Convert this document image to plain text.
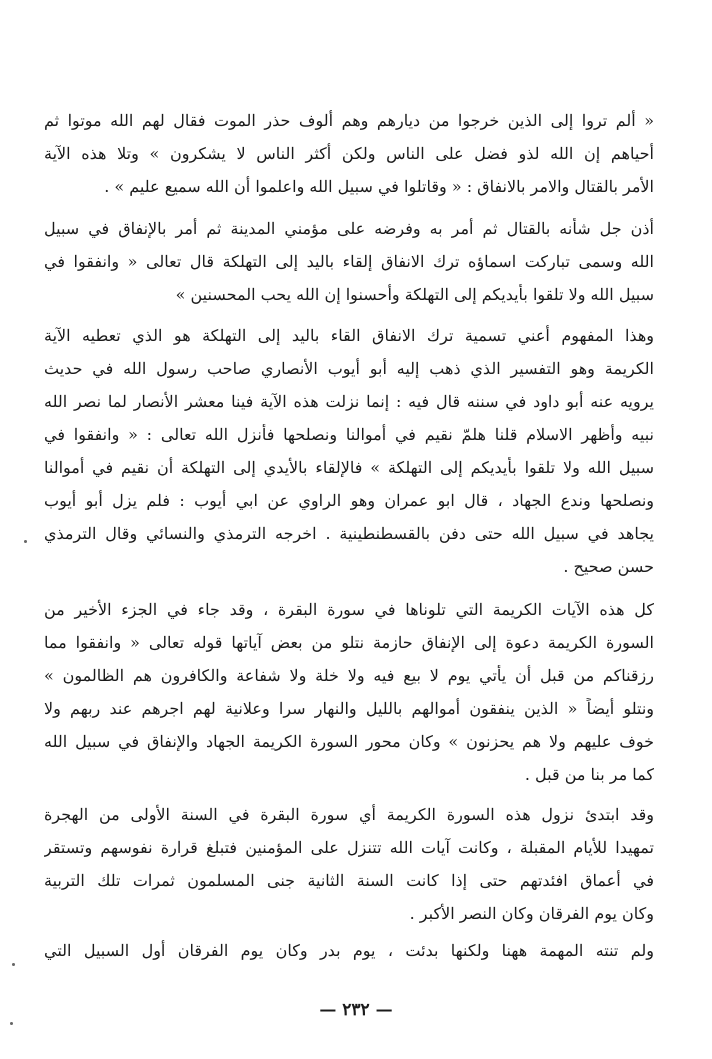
« ألم تروا إلى الذين خرجوا من ديارهم وهم ألوف حذر الموت فقال لهم الله موتوا ثم
أحياهم إن الله لذو فضل على الناس ولكن أكثر الناس لا يشكرون » وتلا هذه الآية
الأمر بالقتال والامر بالانفاق : « وقاتلوا في سبيل الله واعلموا أن الله سميع عليم » .
أذن جل شأنه بالقتال ثم أمر به وفرضه على مؤمني المدينة ثم أمر بالإنفاق في سبيل
الله وسمى تباركت اسماؤه ترك الانفاق إلقاء باليد إلى التهلكة قال تعالى « وانفقوا في
سبيل الله ولا تلقوا بأيديكم إلى التهلكة وأحسنوا إن الله يحب المحسنين »
وهذا المفهوم أعني تسمية ترك الانفاق القاء باليد إلى التهلكة هو الذي تعطيه الآية
الكريمة وهو التفسير الذي ذهب إليه أبو أيوب الأنصاري صاحب رسول الله في حديث
يرويه عنه أبو داود في سننه قال فيه : إنما نزلت هذه الآية فينا معشر الأنصار لما نصر الله
نبيه وأظهر الاسلام قلنا هلمّ نقيم في أموالنا ونصلحها فأنزل الله تعالى : « وانفقوا في
سبيل الله ولا تلقوا بأيديكم إلى التهلكة » فالإلقاء بالأيدي إلى التهلكة أن نقيم في أموالنا
ونصلحها وندع الجهاد ، قال ابو عمران وهو الراوي عن ابي أيوب : فلم يزل أبو أيوب
يجاهد في سبيل الله حتى دفن بالقسطنطينية . اخرجه الترمذي والنسائي وقال الترمذي
حسن صحيح .
كل هذه الآيات الكريمة التي تلوناها في سورة البقرة ، وقد جاء في الجزء الأخير من
السورة الكريمة دعوة إلى الإنفاق حازمة نتلو من بعض آياتها قوله تعالى « وانفقوا مما
رزقناكم من قبل أن يأتي يوم لا بيع فيه ولا خلة ولا شفاعة والكافرون هم الظالمون »
ونتلو أيضاً « الذين ينفقون أموالهم بالليل والنهار سرا وعلانية لهم اجرهم عند ربهم ولا
خوف عليهم ولا هم يحزنون » وكان محور السورة الكريمة الجهاد والإنفاق في سبيل الله
كما مر بنا من قبل .
وقد ابتدئ نزول هذه السورة الكريمة أي سورة البقرة في السنة الأولى من الهجرة
تمهيدا للأيام المقبلة ، وكانت آيات الله تتنزل على المؤمنين فتبلغ قرارة نفوسهم وتستقر
في أعماق افئدتهم حتى إذا كانت السنة الثانية جنى المسلمون ثمرات تلك التربية
وكان يوم الفرقان وكان النصر الأكبر .
ولم تنته المهمة ههنا ولكنها بدئت ، يوم بدر وكان يوم الفرقان أول السبيل التي
— ٢٣٢ —
